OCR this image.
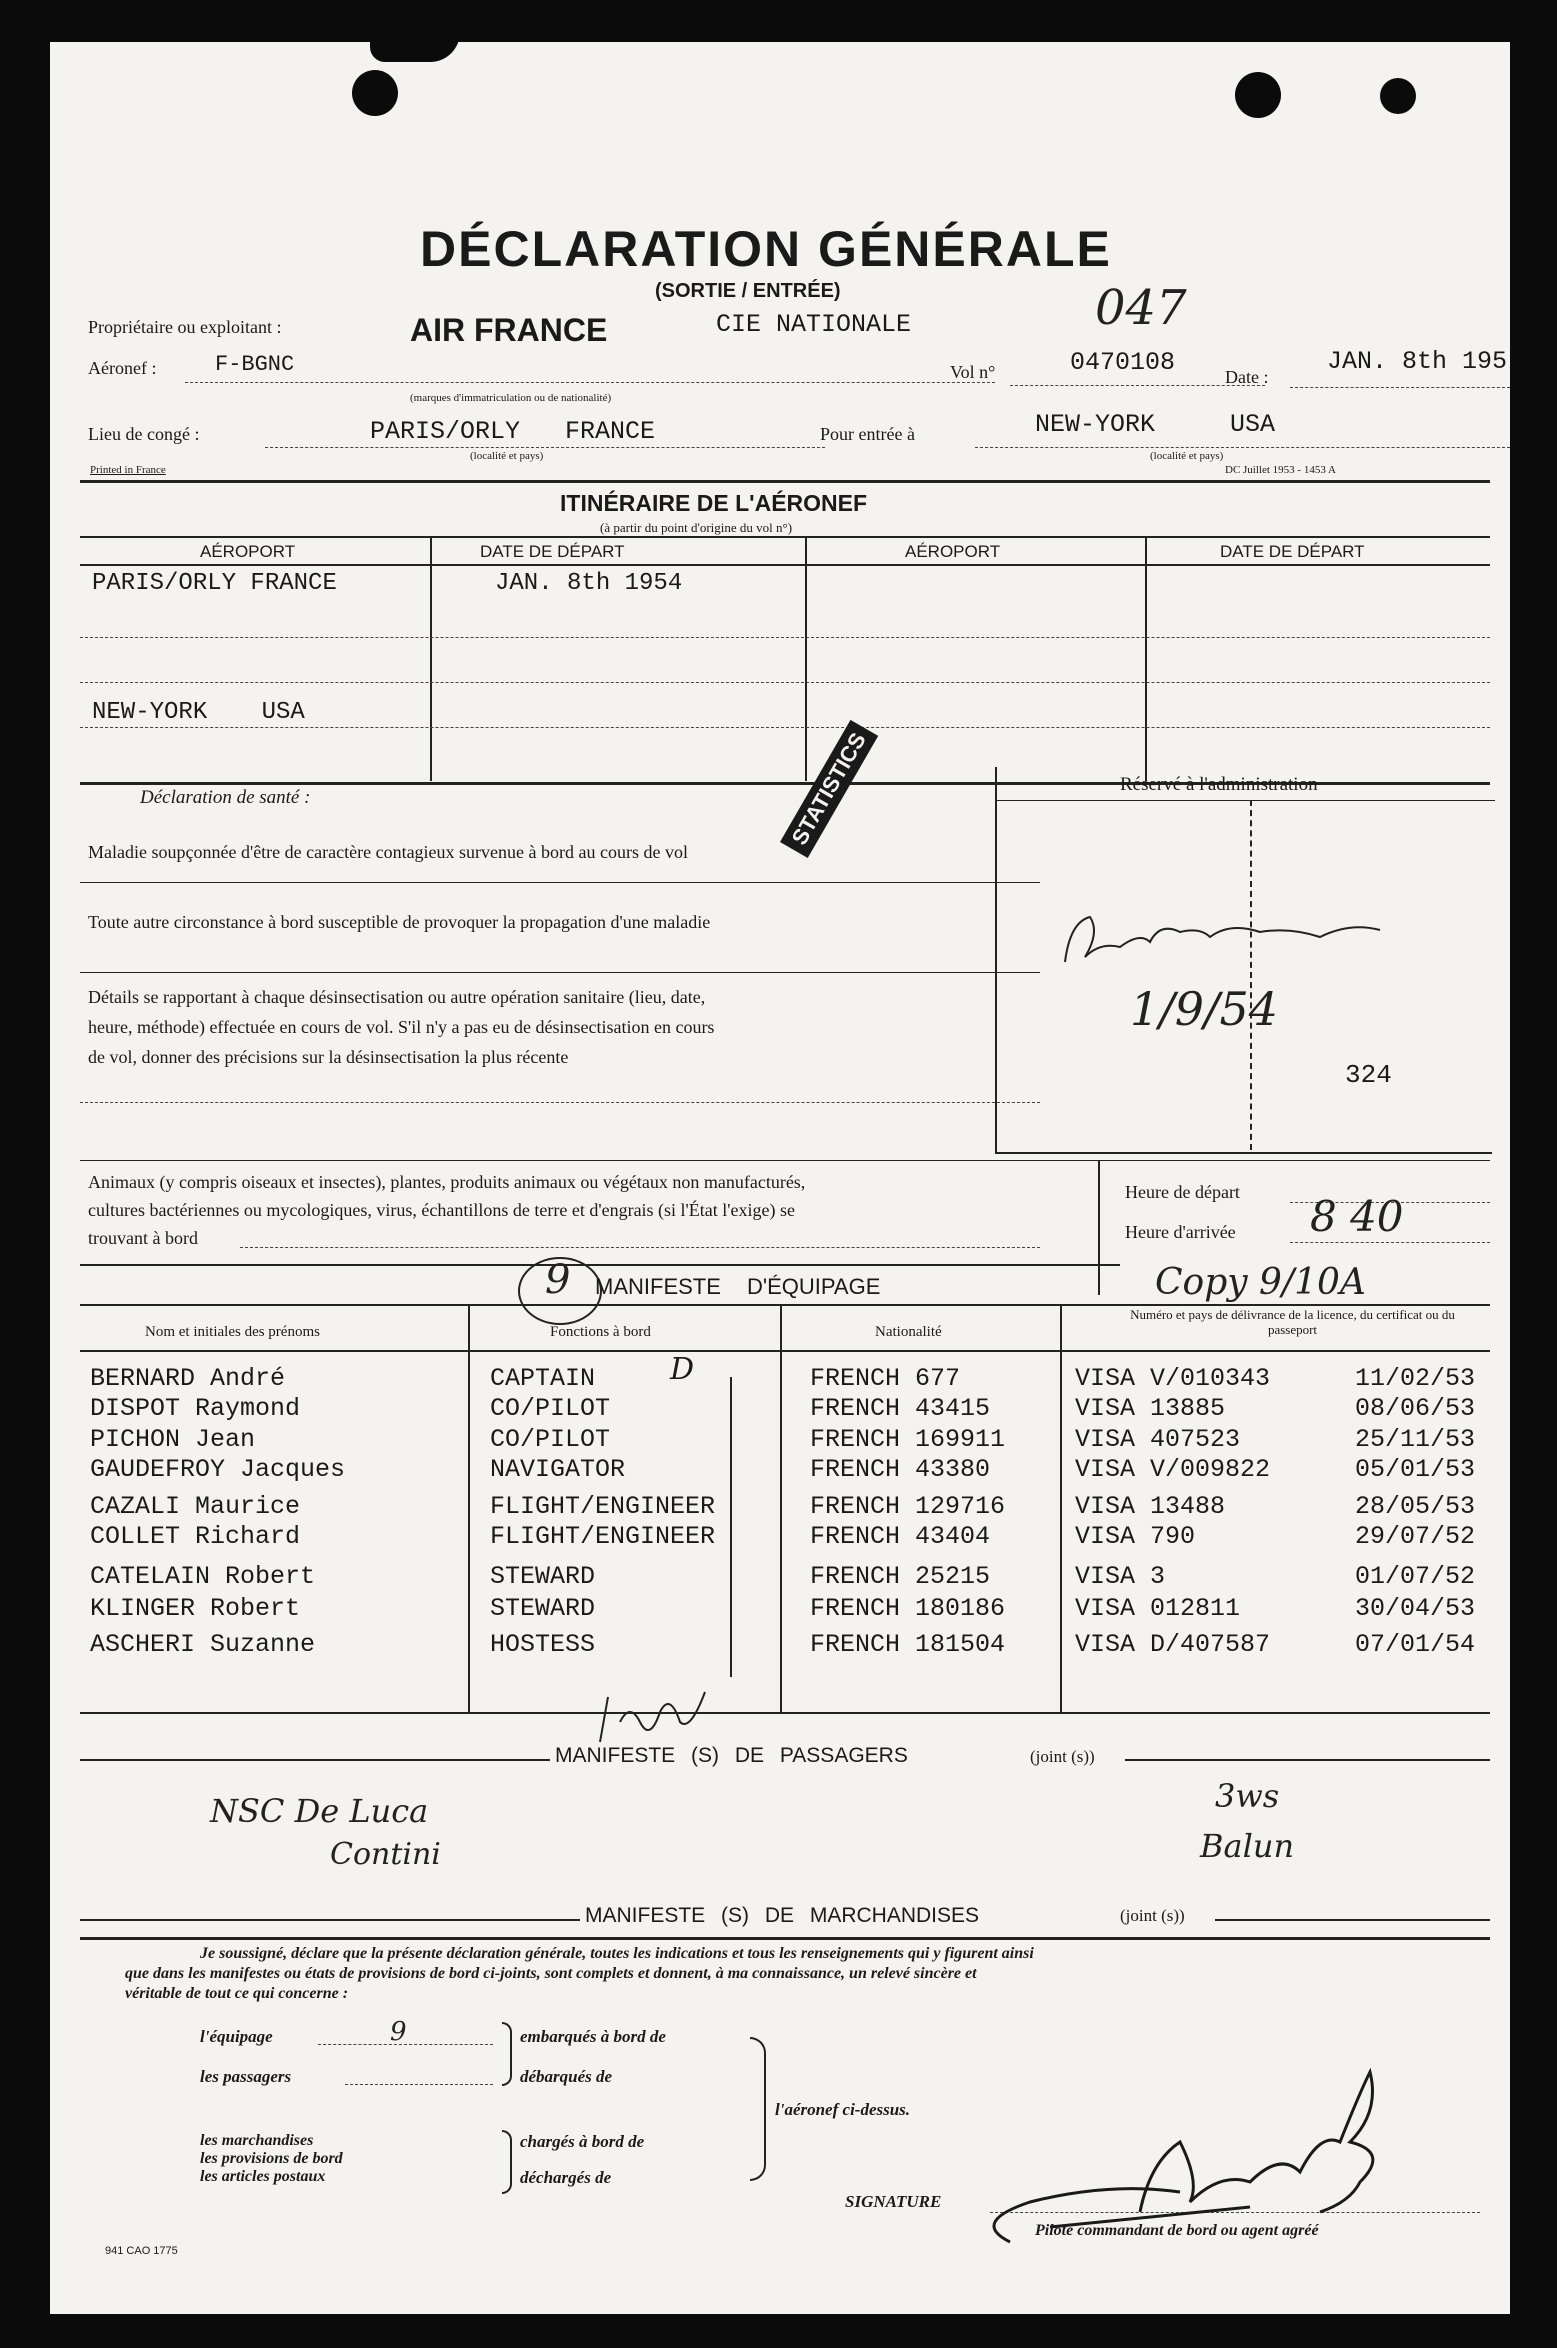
DÉCLARATION GÉNÉRALE
(SORTIE / ENTRÉE)
Propriétaire ou exploitant :	AIR FRANCE	CIE NATIONALE	047
Aéronef :	F-BGNC	Vol n°	0470108	Date :
JAN. 8th 195
(marques d'immatriculation ou de nationalité)
Lieu de congé :	PARIS/ORLY FRANCE
(localité et pays)
Pour entrée à	NEW-YORK USA
(localité et pays)
Printed in France	DC Juillet 1953 - 1453 A
ITINÉRAIRE DE L'AÉRONEF
(à partir du point d'origine du vol n°)
AÉROPORT	DATE DE DÉPART	AÉROPORT	DATE DE DÉPART
PARIS/ORLY FRANCE	JAN. 8th 1954
NEW-YORK USA
Déclaration de santé :
Maladie soupçonnée d'être de caractère contagieux survenue à bord au cours de vol
Toute autre circonstance à bord susceptible de provoquer la propagation d'une maladie
Détails se rapportant à chaque désinsectisation ou autre opération sanitaire (lieu, date,
heure, méthode) effectuée en cours de vol. S'il n'y a pas eu de désinsectisation en cours
de vol, donner des précisions sur la désinsectisation la plus récente
STATISTICS	Réservé à l'administration
1/9/54
324
Animaux (y compris oiseaux et insectes), plantes, produits animaux ou végétaux non manufacturés,
cultures bactériennes ou mycologiques, virus, échantillons de terre et d'engrais (si l'État l'exige) se
trouvant à bord
Heure de départ
Heure d'arrivée 8 40
9 MANIFESTE D'ÉQUIPAGE	Copy 9/10A
Nom et initiales des prénoms	Fonctions à bord	Nationalité
Numéro et pays de délivrance de la licence, du certificat ou du passeport
BERNARD André	CAPTAIN	FRENCH 677	VISA V/010343	11/02/53
DISPOT Raymond	CO/PILOT	FRENCH 43415	VISA 13885	08/06/53
PICHON Jean	CO/PILOT	FRENCH 169911	VISA 407523	25/11/53
GAUDEFROY Jacques	NAVIGATOR	FRENCH 43380	VISA V/009822	05/01/53
CAZALI Maurice	FLIGHT/ENGINEER	FRENCH 129716	VISA 13488	28/05/53
COLLET Richard	FLIGHT/ENGINEER	FRENCH 43404	VISA 790	29/07/52
CATELAIN Robert	STEWARD	FRENCH 25215	VISA 3	01/07/52
KLINGER Robert	STEWARD	FRENCH 180186	VISA 012811	30/04/53
ASCHERI Suzanne	HOSTESS	FRENCH 181504	VISA D/407587	07/01/54
D
MANIFESTE (S) DE PASSAGERS	(joint (s))
NSC De Luca
Contini
3ws
Balun
MANIFESTE (S) DE MARCHANDISES	(joint (s))
Je soussigné, déclare que la présente déclaration générale, toutes les indications et tous les renseignements qui y figurent ainsi
que dans les manifestes ou états de provisions de bord ci-joints, sont complets et donnent, à ma connaissance, un relevé sincère et
véritable de tout ce qui concerne :
l'équipage	9
les passagers
embarqués à bord de
débarqués de
les marchandises
les provisions de bord
les articles postaux
chargés à bord de
déchargés de
l'aéronef ci-dessus.
SIGNATURE
Pilote commandant de bord ou agent agréé
941 CAO 1775
